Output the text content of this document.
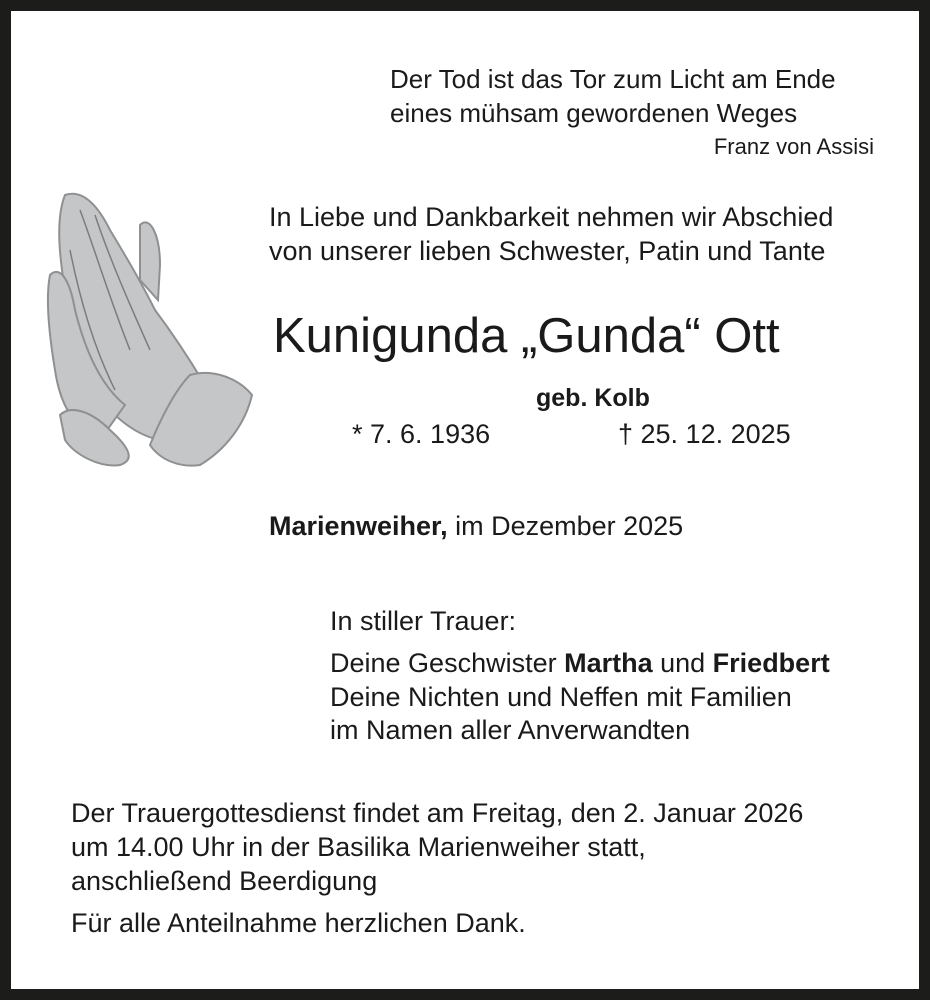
Der Tod ist das Tor zum Licht am Ende
eines mühsam gewordenen Weges
Franz von Assisi
In Liebe und Dankbarkeit nehmen wir Abschied
von unserer lieben Schwester, Patin und Tante
Kunigunda „Gunda“ Ott
geb. Kolb
* 7. 6. 1936	† 25. 12. 2025
Marienweiher, im Dezember 2025
In stiller Trauer:
Deine Geschwister Martha und Friedbert
Deine Nichten und Neffen mit Familien
im Namen aller Anverwandten
Der Trauergottesdienst findet am Freitag, den 2. Januar 2026
um 14.00 Uhr in der Basilika Marienweiher statt,
anschließend Beerdigung
Für alle Anteilnahme herzlichen Dank.
